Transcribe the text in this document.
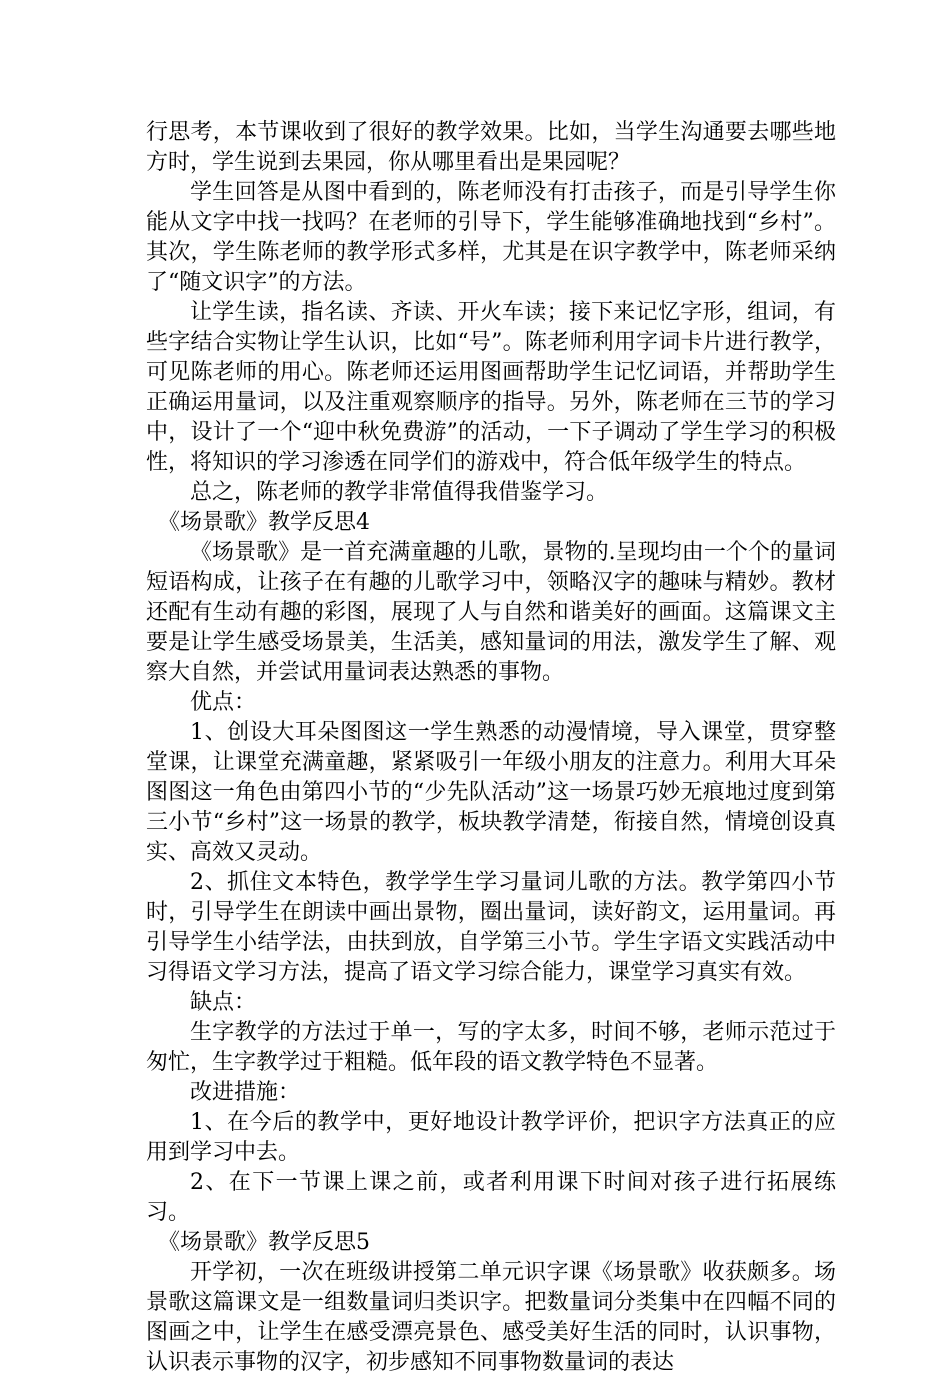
行思考，本节课收到了很好的教学效果。比如，当学生沟通要去哪些地方时，学生说到去果园，你从哪里看出是果园呢？

学生回答是从图中看到的，陈老师没有打击孩子，而是引导学生你能从文字中找一找吗？在老师的引导下，学生能够准确地找到“乡村”。其次，学生陈老师的教学形式多样，尤其是在识字教学中，陈老师采纳了“随文识字”的方法。

让学生读，指名读、齐读、开火车读；接下来记忆字形，组词，有些字结合实物让学生认识，比如“号”。陈老师利用字词卡片进行教学，可见陈老师的用心。陈老师还运用图画帮助学生记忆词语，并帮助学生正确运用量词，以及注重观察顺序的指导。另外，陈老师在三节的学习中，设计了一个“迎中秋免费游”的活动，一下子调动了学生学习的积极性，将知识的学习渗透在同学们的游戏中，符合低年级学生的特点。

总之，陈老师的教学非常值得我借鉴学习。

《场景歌》教学反思4

《场景歌》是一首充满童趣的儿歌，景物的.呈现均由一个个的量词短语构成，让孩子在有趣的儿歌学习中，领略汉字的趣味与精妙。教材还配有生动有趣的彩图，展现了人与自然和谐美好的画面。这篇课文主要是让学生感受场景美，生活美，感知量词的用法，激发学生了解、观察大自然，并尝试用量词表达熟悉的事物。

优点：

1、创设大耳朵图图这一学生熟悉的动漫情境，导入课堂，贯穿整堂课，让课堂充满童趣，紧紧吸引一年级小朋友的注意力。利用大耳朵图图这一角色由第四小节的“少先队活动”这一场景巧妙无痕地过度到第三小节“乡村”这一场景的教学，板块教学清楚，衔接自然，情境创设真实、高效又灵动。

2、抓住文本特色，教学学生学习量词儿歌的方法。教学第四小节时，引导学生在朗读中画出景物，圈出量词，读好韵文，运用量词。再引导学生小结学法，由扶到放，自学第三小节。学生字语文实践活动中习得语文学习方法，提高了语文学习综合能力，课堂学习真实有效。

缺点：

生字教学的方法过于单一，写的字太多，时间不够，老师示范过于匆忙，生字教学过于粗糙。低年段的语文教学特色不显著。

改进措施：

1、在今后的教学中，更好地设计教学评价，把识字方法真正的应用到学习中去。

2、在下一节课上课之前，或者利用课下时间对孩子进行拓展练习。

《场景歌》教学反思5

开学初，一次在班级讲授第二单元识字课《场景歌》收获颇多。场景歌这篇课文是一组数量词归类识字。把数量词分类集中在四幅不同的图画之中，让学生在感受漂亮景色、感受美好生活的同时，认识事物，认识表示事物的汉字，初步感知不同事物数量词的表达
